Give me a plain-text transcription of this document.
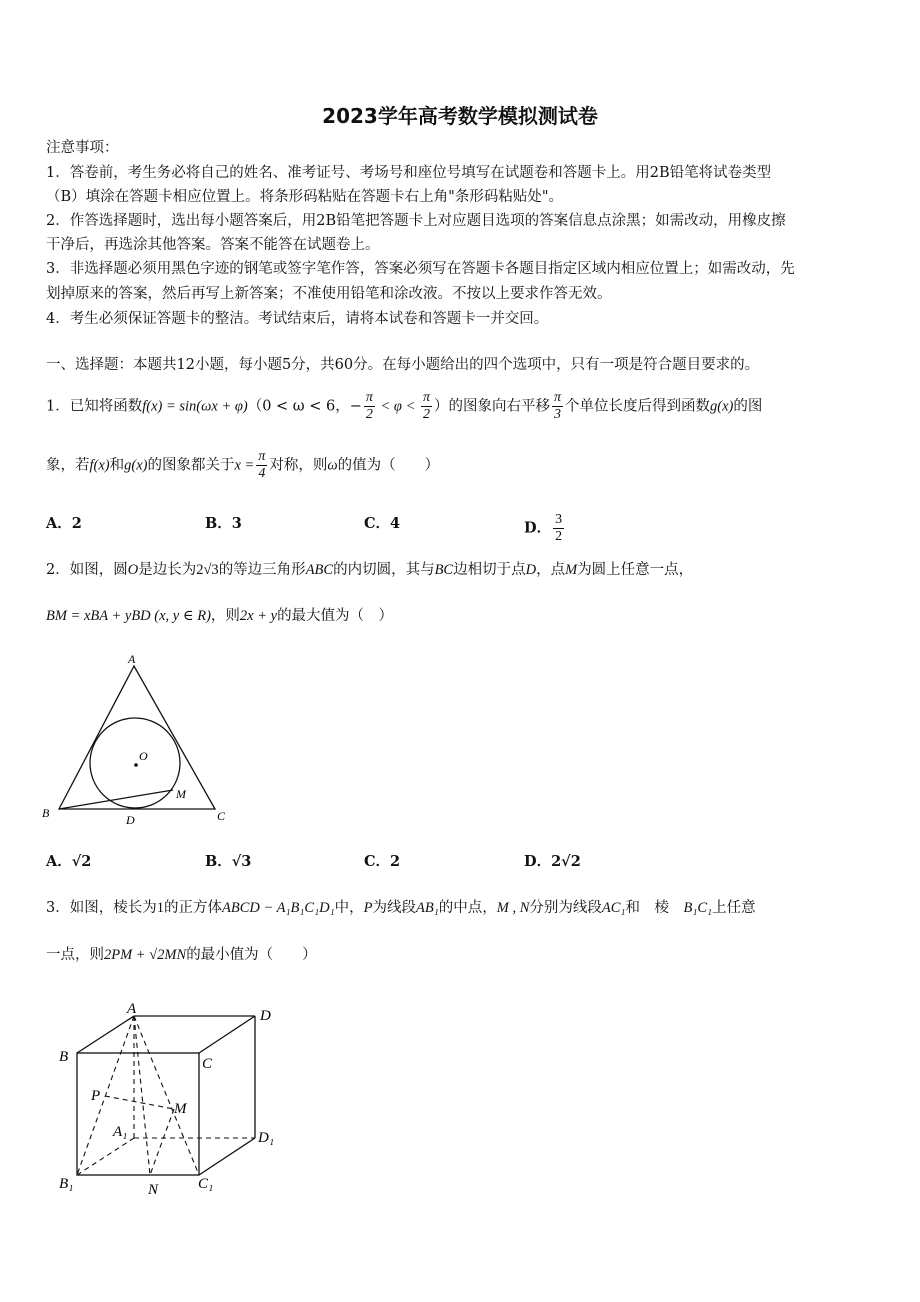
2023学年高考数学模拟测试卷
注意事项：
1．答卷前，考生务必将自己的姓名、准考证号、考场号和座位号填写在试题卷和答题卡上。用2B铅笔将试卷类型
（B）填涂在答题卡相应位置上。将条形码粘贴在答题卡右上角"条形码粘贴处"。
2．作答选择题时，选出每小题答案后，用2B铅笔把答题卡上对应题目选项的答案信息点涂黑；如需改动，用橡皮擦
干净后，再选涂其他答案。答案不能答在试题卷上。
3．非选择题必须用黑色字迹的钢笔或签字笔作答，答案必须写在答题卡各题目指定区域内相应位置上；如需改动，先
划掉原来的答案，然后再写上新答案；不准使用铅笔和涂改液。不按以上要求作答无效。
4．考生必须保证答题卡的整洁。考试结束后，请将本试卷和答题卡一并交回。
一、选择题：本题共12小题，每小题5分，共60分。在每小题给出的四个选项中，只有一项是符合题目要求的。
1．已知将函数f(x) = sin(ωx + φ)（0 < ω < 6，− $\frac{\pi}{2} < \varphi < \frac{\pi}{2}$ ）的图象向右平移 $\frac{\pi}{3}$ 个单位长度后得到函数g(x)的图
象，若f(x)和g(x)的图象都关于$x = \frac{\pi}{4}$ 对称，则ω的值为（　　）
A．2	B．3	C．4	D． $\frac{3}{2}$
2．如图，圆O是边长为2√3的等边三角形ABC的内切圆，其与BC边相切于点D，点M为圆上任意一点，
BM = xBA + yBD (x, y ∈ R)，则2x + y的最大值为（　）
A
O
M
B	D	C
A．√2	B．√3	C．2	D．2√2
3．如图，棱长为1的正方体ABCD − A₁B₁C₁D₁中，P为线段AB₁的中点，M , N分别为线段AC₁和　棱　B₁C₁上任意
一点，则2PM + √2MN的最小值为（　　）
A	D
B	C
P
M
A₁	D₁
B₁	N	C₁
